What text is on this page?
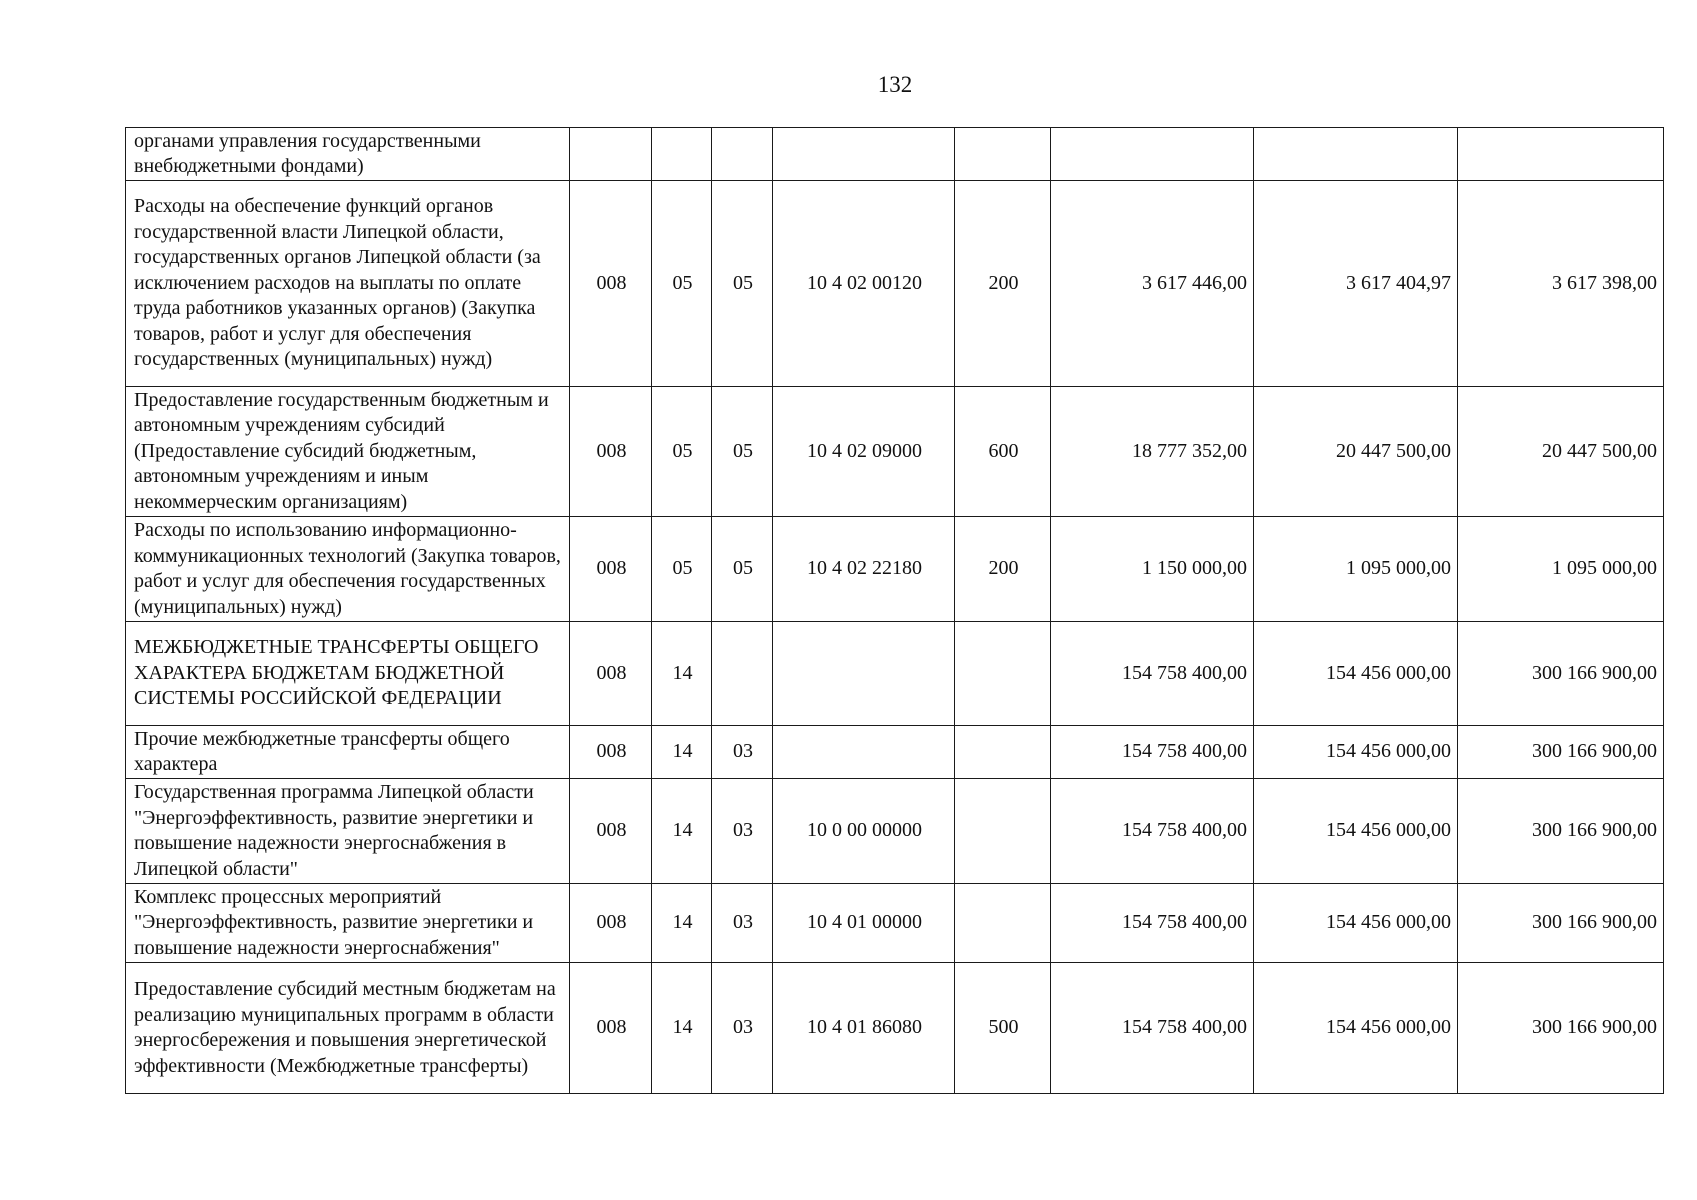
132
органами управления государственными внебюджетными фондами)								
Расходы на обеспечение функций органов государственной власти Липецкой области, государственных органов Липецкой области (за исключением расходов на выплаты по оплате труда работников указанных органов) (Закупка товаров, работ и услуг для обеспечения государственных (муниципальных) нужд)	008	05	05	10 4 02 00120	200	3 617 446,00	3 617 404,97	3 617 398,00
Предоставление государственным бюджетным и автономным учреждениям субсидий (Предоставление субсидий бюджетным, автономным учреждениям и иным некоммерческим организациям)	008	05	05	10 4 02 09000	600	18 777 352,00	20 447 500,00	20 447 500,00
Расходы по использованию информационно-коммуникационных технологий (Закупка товаров, работ и услуг для обеспечения государственных (муниципальных) нужд)	008	05	05	10 4 02 22180	200	1 150 000,00	1 095 000,00	1 095 000,00
МЕЖБЮДЖЕТНЫЕ ТРАНСФЕРТЫ ОБЩЕГО ХАРАКТЕРА БЮДЖЕТАМ БЮДЖЕТНОЙ СИСТЕМЫ РОССИЙСКОЙ ФЕДЕРАЦИИ	008	14				154 758 400,00	154 456 000,00	300 166 900,00
Прочие межбюджетные трансферты общего характера	008	14	03			154 758 400,00	154 456 000,00	300 166 900,00
Государственная программа Липецкой области "Энергоэффективность, развитие энергетики и повышение надежности энергоснабжения в Липецкой области"	008	14	03	10 0 00 00000		154 758 400,00	154 456 000,00	300 166 900,00
Комплекс процессных мероприятий "Энергоэффективность, развитие энергетики и повышение надежности энергоснабжения"	008	14	03	10 4 01 00000		154 758 400,00	154 456 000,00	300 166 900,00
Предоставление субсидий местным бюджетам на реализацию муниципальных программ в области энергосбережения и повышения энергетической эффективности (Межбюджетные трансферты)	008	14	03	10 4 01 86080	500	154 758 400,00	154 456 000,00	300 166 900,00
